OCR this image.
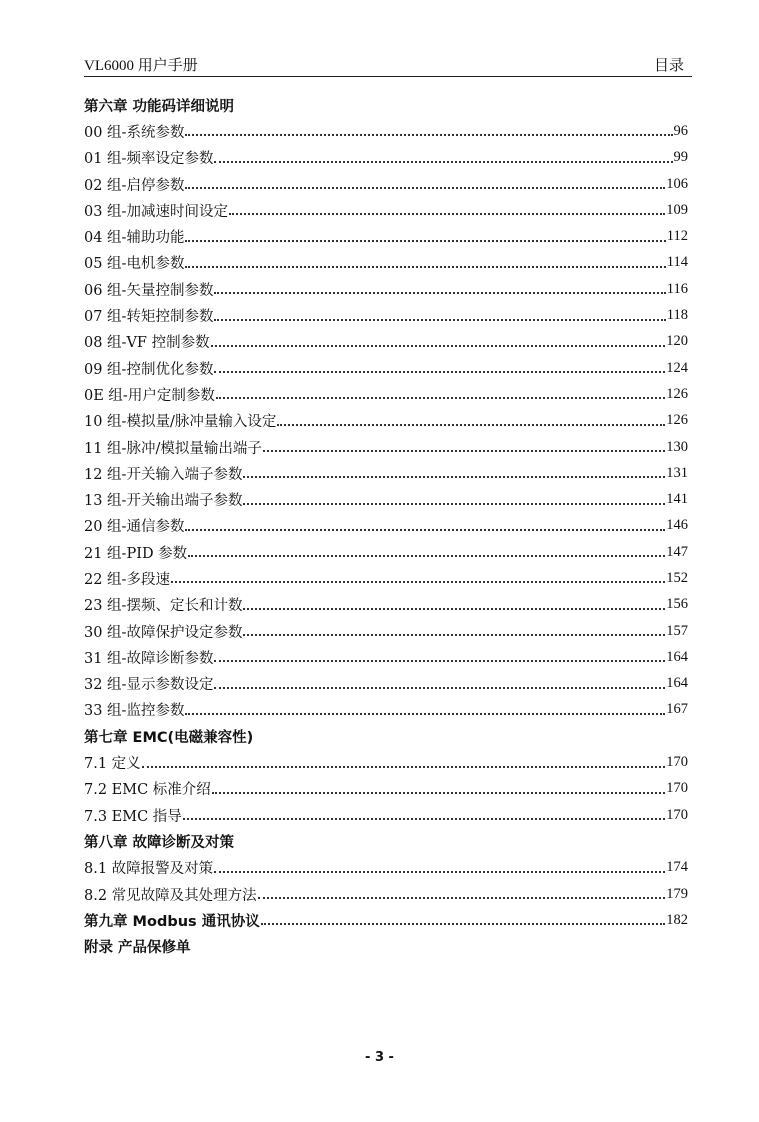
VL6000 用户手册	目录
第六章 功能码详细说明
00 组-系统参数	96
01 组-频率设定参数	99
02 组-启停参数	106
03 组-加减速时间设定	109
04 组-辅助功能	112
05 组-电机参数	114
06 组-矢量控制参数	116
07 组-转矩控制参数	118
08 组-VF 控制参数	120
09 组-控制优化参数	124
0E 组-用户定制参数	126
10 组-模拟量/脉冲量输入设定	126
11 组-脉冲/模拟量输出端子	130
12 组-开关输入端子参数	131
13 组-开关输出端子参数	141
20 组-通信参数	146
21 组-PID 参数	147
22 组-多段速	152
23 组-摆频、定长和计数	156
30 组-故障保护设定参数	157
31 组-故障诊断参数	164
32 组-显示参数设定	164
33 组-监控参数	167
第七章 EMC(电磁兼容性)
7.1 定义	170
7.2 EMC 标准介绍	170
7.3 EMC 指导	170
第八章 故障诊断及对策
8.1 故障报警及对策	174
8.2 常见故障及其处理方法	179
第九章 Modbus 通讯协议	182
附录 产品保修单
- 3 -
